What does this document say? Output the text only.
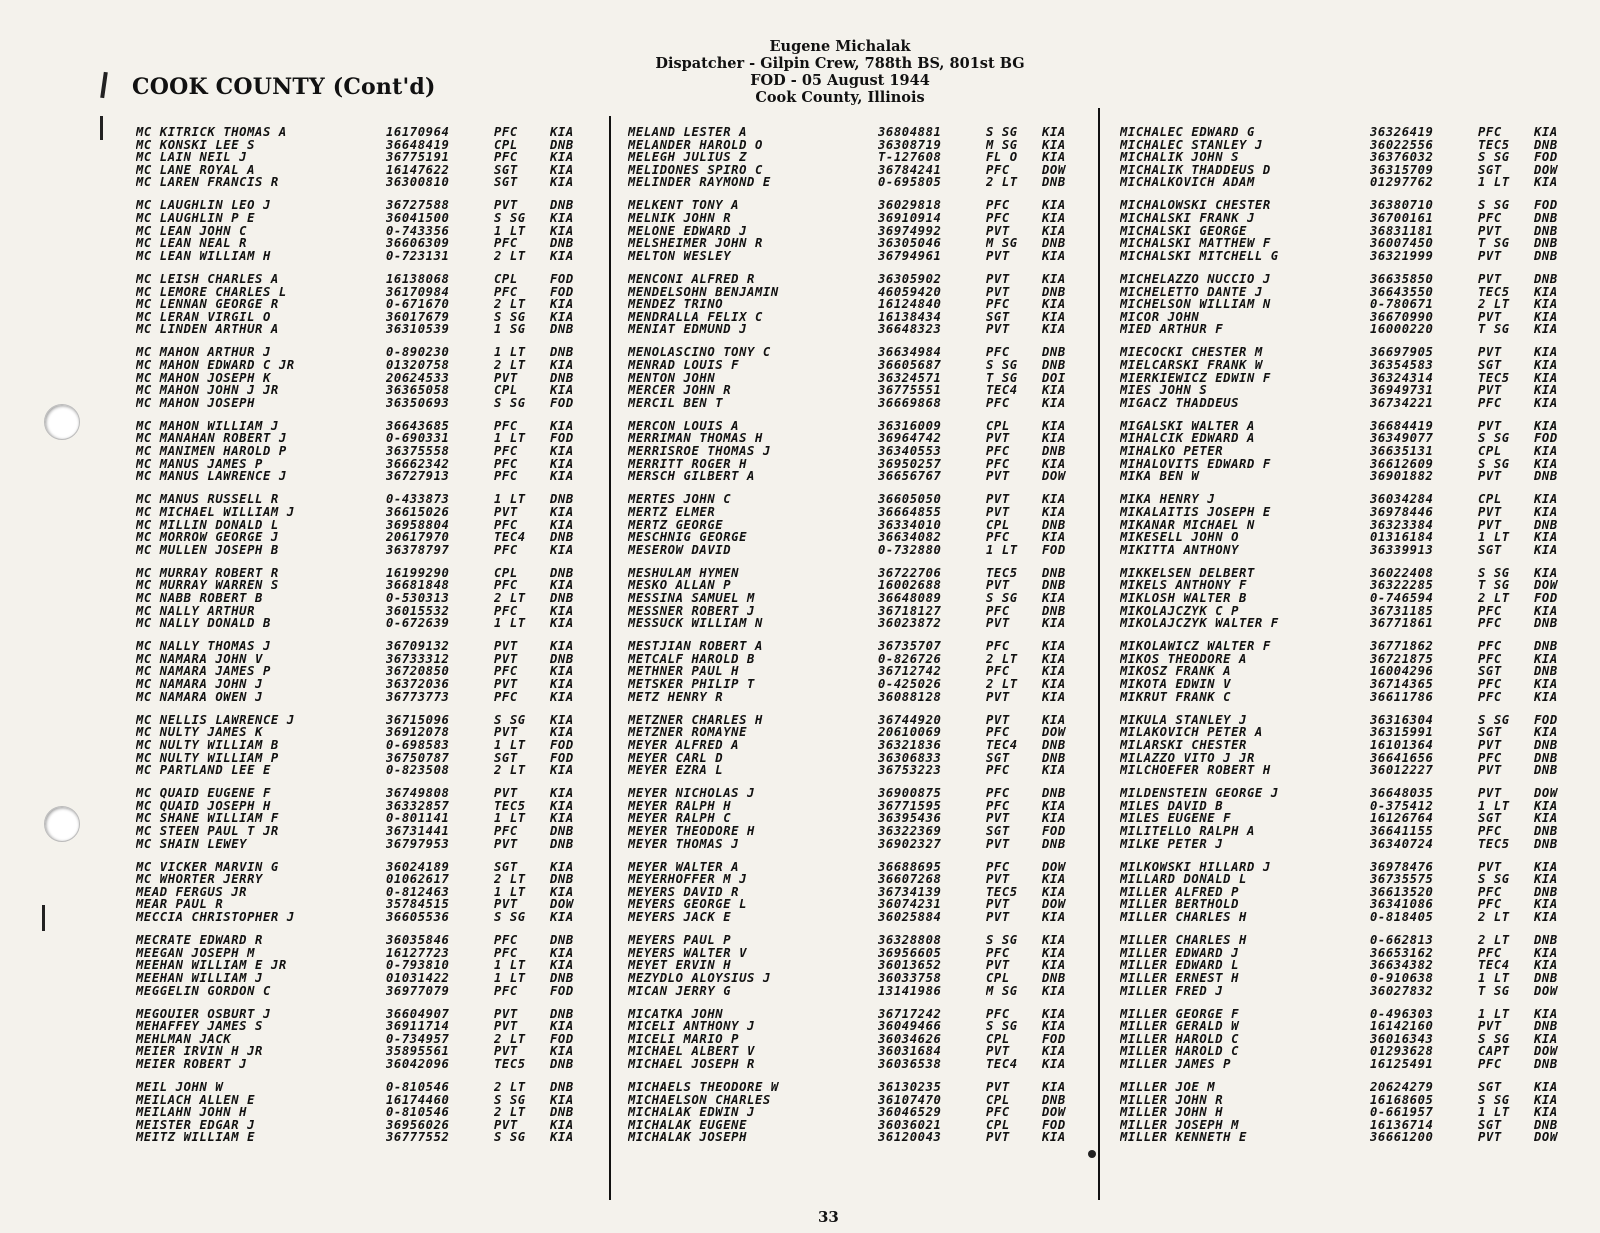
Eugene Michalak
Dispatcher - Gilpin Crew, 788th BS, 801st BG
FOD - 05 August 1944
Cook County, Illinois
COOK COUNTY (Cont'd)
MC KITRICK THOMAS A	16170964	PFC	KIA
MC KONSKI LEE S	36648419	CPL	DNB
MC LAIN NEIL J	36775191	PFC	KIA
MC LANE ROYAL A	16147622	SGT	KIA
MC LAREN FRANCIS R	36300810	SGT	KIA
MC LAUGHLIN LEO J	36727588	PVT	DNB
MC LAUGHLIN P E	36041500	S SG	KIA
MC LEAN JOHN C	0-743356	1 LT	KIA
MC LEAN NEAL R	36606309	PFC	DNB
MC LEAN WILLIAM H	0-723131	2 LT	KIA
MC LEISH CHARLES A	16138068	CPL	FOD
MC LEMORE CHARLES L	36170984	PFC	FOD
MC LENNAN GEORGE R	0-671670	2 LT	KIA
MC LERAN VIRGIL O	36017679	S SG	KIA
MC LINDEN ARTHUR A	36310539	1 SG	DNB
MC MAHON ARTHUR J	0-890230	1 LT	DNB
MC MAHON EDWARD C JR	01320758	2 LT	KIA
MC MAHON JOSEPH K	20624533	PVT	DNB
MC MAHON JOHN J JR	36365058	CPL	KIA
MC MAHON JOSEPH	36350693	S SG	FOD
MC MAHON WILLIAM J	36643685	PFC	KIA
MC MANAHAN ROBERT J	0-690331	1 LT	FOD
MC MANIMEN HAROLD P	36375558	PFC	KIA
MC MANUS JAMES P	36662342	PFC	KIA
MC MANUS LAWRENCE J	36727913	PFC	KIA
MC MANUS RUSSELL R	0-433873	1 LT	DNB
MC MICHAEL WILLIAM J	36615026	PVT	KIA
MC MILLIN DONALD L	36958804	PFC	KIA
MC MORROW GEORGE J	20617970	TEC4	DNB
MC MULLEN JOSEPH B	36378797	PFC	KIA
MC MURRAY ROBERT R	16199290	CPL	DNB
MC MURRAY WARREN S	36681848	PFC	KIA
MC NABB ROBERT B	0-530313	2 LT	DNB
MC NALLY ARTHUR	36015532	PFC	KIA
MC NALLY DONALD B	0-672639	1 LT	KIA
MC NALLY THOMAS J	36709132	PVT	KIA
MC NAMARA JOHN V	36733312	PVT	DNB
MC NAMARA JAMES P	36720850	PFC	KIA
MC NAMARA JOHN J	36372036	PVT	KIA
MC NAMARA OWEN J	36773773	PFC	KIA
MC NELLIS LAWRENCE J	36715096	S SG	KIA
MC NULTY JAMES K	36912078	PVT	KIA
MC NULTY WILLIAM B	0-698583	1 LT	FOD
MC NULTY WILLIAM P	36750787	SGT	FOD
MC PARTLAND LEE E	0-823508	2 LT	KIA
MC QUAID EUGENE F	36749808	PVT	KIA
MC QUAID JOSEPH H	36332857	TEC5	KIA
MC SHANE WILLIAM F	0-801141	1 LT	KIA
MC STEEN PAUL T JR	36731441	PFC	DNB
MC SHAIN LEWEY	36797953	PVT	DNB
MC VICKER MARVIN G	36024189	SGT	KIA
MC WHORTER JERRY	01062617	2 LT	DNB
MEAD FERGUS JR	0-812463	1 LT	KIA
MEAR PAUL R	35784515	PVT	DOW
MECCIA CHRISTOPHER J	36605536	S SG	KIA
MECRATE EDWARD R	36035846	PFC	DNB
MEEGAN JOSEPH M	16127723	PFC	KIA
MEEHAN WILLIAM E JR	0-793810	1 LT	KIA
MEEHAN WILLIAM J	01031422	1 LT	DNB
MEGGELIN GORDON C	36977079	PFC	FOD
MEGOUIER OSBURT J	36604907	PVT	DNB
MEHAFFEY JAMES S	36911714	PVT	KIA
MEHLMAN JACK	0-734957	2 LT	FOD
MEIER IRVIN H JR	35895561	PVT	KIA
MEIER ROBERT J	36042096	TEC5	DNB
MEIL JOHN W	0-810546	2 LT	DNB
MEILACH ALLEN E	16174460	S SG	KIA
MEILAHN JOHN H	0-810546	2 LT	DNB
MEISTER EDGAR J	36956026	PVT	KIA
MEITZ WILLIAM E	36777552	S SG	KIA
MELAND LESTER A	36804881	S SG	KIA
MELANDER HAROLD O	36308719	M SG	KIA
MELEGH JULIUS Z	T-127608	FL O	KIA
MELIDONES SPIRO C	36784241	PFC	DOW
MELINDER RAYMOND E	0-695805	2 LT	DNB
MELKENT TONY A	36029818	PFC	KIA
MELNIK JOHN R	36910914	PFC	KIA
MELONE EDWARD J	36974992	PVT	KIA
MELSHEIMER JOHN R	36305046	M SG	DNB
MELTON WESLEY	36794961	PVT	KIA
MENCONI ALFRED R	36305902	PVT	KIA
MENDELSOHN BENJAMIN	46059420	PVT	DNB
MENDEZ TRINO	16124840	PFC	KIA
MENDRALLA FELIX C	16138434	SGT	KIA
MENIAT EDMUND J	36648323	PVT	KIA
MENOLASCINO TONY C	36634984	PFC	DNB
MENRAD LOUIS F	36605687	S SG	DNB
MENTON JOHN	36324571	T SG	DOI
MERCER JOHN R	36775551	TEC4	KIA
MERCIL BEN T	36669868	PFC	KIA
MERCON LOUIS A	36316009	CPL	KIA
MERRIMAN THOMAS H	36964742	PVT	KIA
MERRISROE THOMAS J	36340553	PFC	DNB
MERRITT ROGER H	36950257	PFC	KIA
MERSCH GILBERT A	36656767	PVT	DOW
MERTES JOHN C	36605050	PVT	KIA
MERTZ ELMER	36664855	PVT	KIA
MERTZ GEORGE	36334010	CPL	DNB
MESCHNIG GEORGE	36634082	PFC	KIA
MESEROW DAVID	0-732880	1 LT	FOD
MESHULAM HYMEN	36722706	TEC5	DNB
MESKO ALLAN P	16002688	PVT	DNB
MESSINA SAMUEL M	36648089	S SG	KIA
MESSNER ROBERT J	36718127	PFC	DNB
MESSUCK WILLIAM N	36023872	PVT	KIA
MESTJIAN ROBERT A	36735707	PFC	KIA
METCALF HAROLD B	0-826726	2 LT	KIA
METHNER PAUL H	36712742	PFC	KIA
METSKER PHILIP T	0-425026	2 LT	KIA
METZ HENRY R	36088128	PVT	KIA
METZNER CHARLES H	36744920	PVT	KIA
METZNER ROMAYNE	20610069	PFC	DOW
MEYER ALFRED A	36321836	TEC4	DNB
MEYER CARL D	36306833	SGT	DNB
MEYER EZRA L	36753223	PFC	KIA
MEYER NICHOLAS J	36900875	PFC	DNB
MEYER RALPH H	36771595	PFC	KIA
MEYER RALPH C	36395436	PVT	KIA
MEYER THEODORE H	36322369	SGT	FOD
MEYER THOMAS J	36902327	PVT	DNB
MEYER WALTER A	36688695	PFC	DOW
MEYERHOFFER M J	36607268	PVT	KIA
MEYERS DAVID R	36734139	TEC5	KIA
MEYERS GEORGE L	36074231	PVT	DOW
MEYERS JACK E	36025884	PVT	KIA
MEYERS PAUL P	36328808	S SG	KIA
MEYERS WALTER V	36956605	PFC	KIA
MEYET ERVIN H	36013652	PVT	KIA
MEZYDLO ALOYSIUS J	36033758	CPL	DNB
MICAN JERRY G	13141986	M SG	KIA
MICATKA JOHN	36717242	PFC	KIA
MICELI ANTHONY J	36049466	S SG	KIA
MICELI MARIO P	36034626	CPL	FOD
MICHAEL ALBERT V	36031684	PVT	KIA
MICHAEL JOSEPH R	36036538	TEC4	KIA
MICHAELS THEODORE W	36130235	PVT	KIA
MICHAELSON CHARLES	36107470	CPL	DNB
MICHALAK EDWIN J	36046529	PFC	DOW
MICHALAK EUGENE	36036021	CPL	FOD
MICHALAK JOSEPH	36120043	PVT	KIA
MICHALEC EDWARD G	36326419	PFC	KIA
MICHALEC STANLEY J	36022556	TEC5	DNB
MICHALIK JOHN S	36376032	S SG	FOD
MICHALIK THADDEUS D	36315709	SGT	DOW
MICHALKOVICH ADAM	01297762	1 LT	KIA
MICHALOWSKI CHESTER	36380710	S SG	FOD
MICHALSKI FRANK J	36700161	PFC	DNB
MICHALSKI GEORGE	36831181	PVT	DNB
MICHALSKI MATTHEW F	36007450	T SG	DNB
MICHALSKI MITCHELL G	36321999	PVT	DNB
MICHELAZZO NUCCIO J	36635850	PVT	DNB
MICHELETTO DANTE J	36643550	TEC5	KIA
MICHELSON WILLIAM N	0-780671	2 LT	KIA
MICOR JOHN	36670990	PVT	KIA
MIED ARTHUR F	16000220	T SG	KIA
MIECOCKI CHESTER M	36697905	PVT	KIA
MIELCARSKI FRANK W	36354583	SGT	KIA
MIERKIEWICZ EDWIN F	36324314	TEC5	KIA
MIES JOHN S	36949731	PVT	KIA
MIGACZ THADDEUS	36734221	PFC	KIA
MIGALSKI WALTER A	36684419	PVT	KIA
MIHALCIK EDWARD A	36349077	S SG	FOD
MIHALKO PETER	36635131	CPL	KIA
MIHALOVITS EDWARD F	36612609	S SG	KIA
MIKA BEN W	36901882	PVT	DNB
MIKA HENRY J	36034284	CPL	KIA
MIKALAITIS JOSEPH E	36978446	PVT	KIA
MIKANAR MICHAEL N	36323384	PVT	DNB
MIKESELL JOHN O	01316184	1 LT	KIA
MIKITTA ANTHONY	36339913	SGT	KIA
MIKKELSEN DELBERT	36022408	S SG	KIA
MIKELS ANTHONY F	36322285	T SG	DOW
MIKLOSH WALTER B	0-746594	2 LT	FOD
MIKOLAJCZYK C P	36731185	PFC	KIA
MIKOLAJCZYK WALTER F	36771861	PFC	DNB
MIKOLAWICZ WALTER F	36771862	PFC	DNB
MIKOS THEODORE A	36721875	PFC	KIA
MIKOSZ FRANK A	16004296	SGT	DNB
MIKOTA EDWIN V	36714365	PFC	KIA
MIKRUT FRANK C	36611786	PFC	KIA
MIKULA STANLEY J	36316304	S SG	FOD
MILAKOVICH PETER A	36315991	SGT	KIA
MILARSKI CHESTER	16101364	PVT	DNB
MILAZZO VITO J JR	36641656	PFC	DNB
MILCHOEFER ROBERT H	36012227	PVT	DNB
MILDENSTEIN GEORGE J	36648035	PVT	DOW
MILES DAVID B	0-375412	1 LT	KIA
MILES EUGENE F	16126764	SGT	KIA
MILITELLO RALPH A	36641155	PFC	DNB
MILKE PETER J	36340724	TEC5	DNB
MILKOWSKI HILLARD J	36978476	PVT	KIA
MILLARD DONALD L	36735575	S SG	KIA
MILLER ALFRED P	36613520	PFC	DNB
MILLER BERTHOLD	36341086	PFC	KIA
MILLER CHARLES H	0-818405	2 LT	KIA
MILLER CHARLES H	0-662813	2 LT	DNB
MILLER EDWARD J	36653162	PFC	KIA
MILLER EDWARD L	36634382	TEC4	KIA
MILLER ERNEST H	0-910638	1 LT	DNB
MILLER FRED J	36027832	T SG	DOW
MILLER GEORGE F	0-496303	1 LT	KIA
MILLER GERALD W	16142160	PVT	DNB
MILLER HAROLD C	36016343	S SG	KIA
MILLER HAROLD C	01293628	CAPT	DOW
MILLER JAMES P	16125491	PFC	DNB
MILLER JOE M	20624279	SGT	KIA
MILLER JOHN R	16168605	S SG	KIA
MILLER JOHN H	0-661957	1 LT	KIA
MILLER JOSEPH M	16136714	SGT	DNB
MILLER KENNETH E	36661200	PVT	DOW
33
